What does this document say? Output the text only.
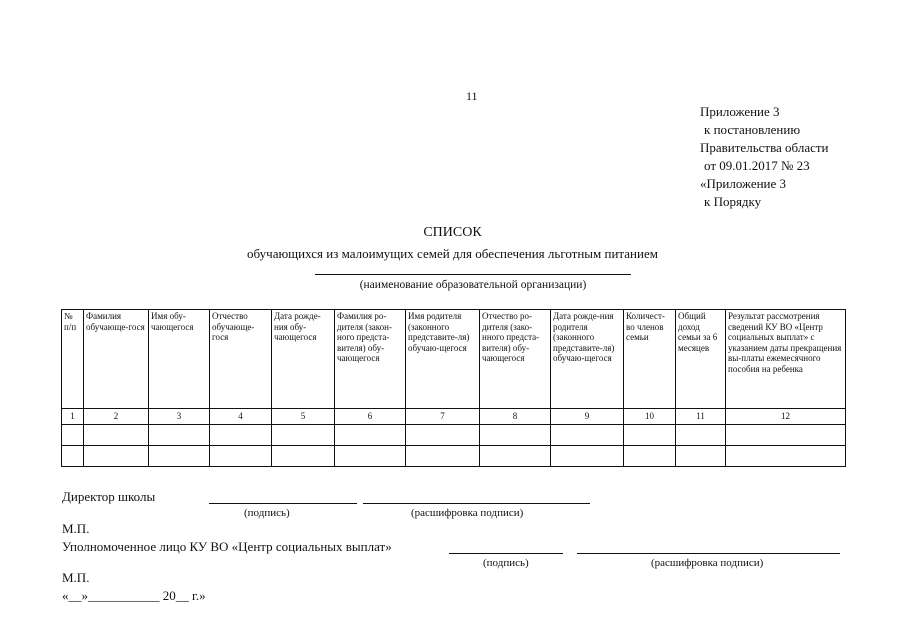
11
Приложение 3
к постановлению
Правительства области
от 09.01.2017 № 23
«Приложение 3
к Порядку
СПИСОК
обучающихся из малоимущих семей для обеспечения льготным питанием
(наименование образовательной организации)
№ п/п	Фамилия обучающе-гося	Имя обу-чающегося	Отчество обучающе-гося	Дата рожде-ния обу-чающегося	Фамилия ро-дителя (закон-ного предста-вителя) обу-чающегося	Имя родителя (законного представите-ля) обучаю-щегося	Отчество ро-дителя (зако-нного предста-вителя) обу-чающегося	Дата рожде-ния родителя (законного представите-ля) обучаю-щегося	Количест-во членов семьи	Общий доход семьи за 6 месяцев	Результат рассмотрения сведений КУ ВО «Центр социальных выплат» с указанием даты прекращения вы-платы ежемесячного пособия на ребенка
1	2	3	4	5	6	7	8	9	10	11	12

Директор школы
(подпись)	(расшифровка подписи)
М.П.
Уполномоченное лицо КУ ВО «Центр социальных выплат»
(подпись)	(расшифровка подписи)
М.П.
«__»___________ 20__ г.»
